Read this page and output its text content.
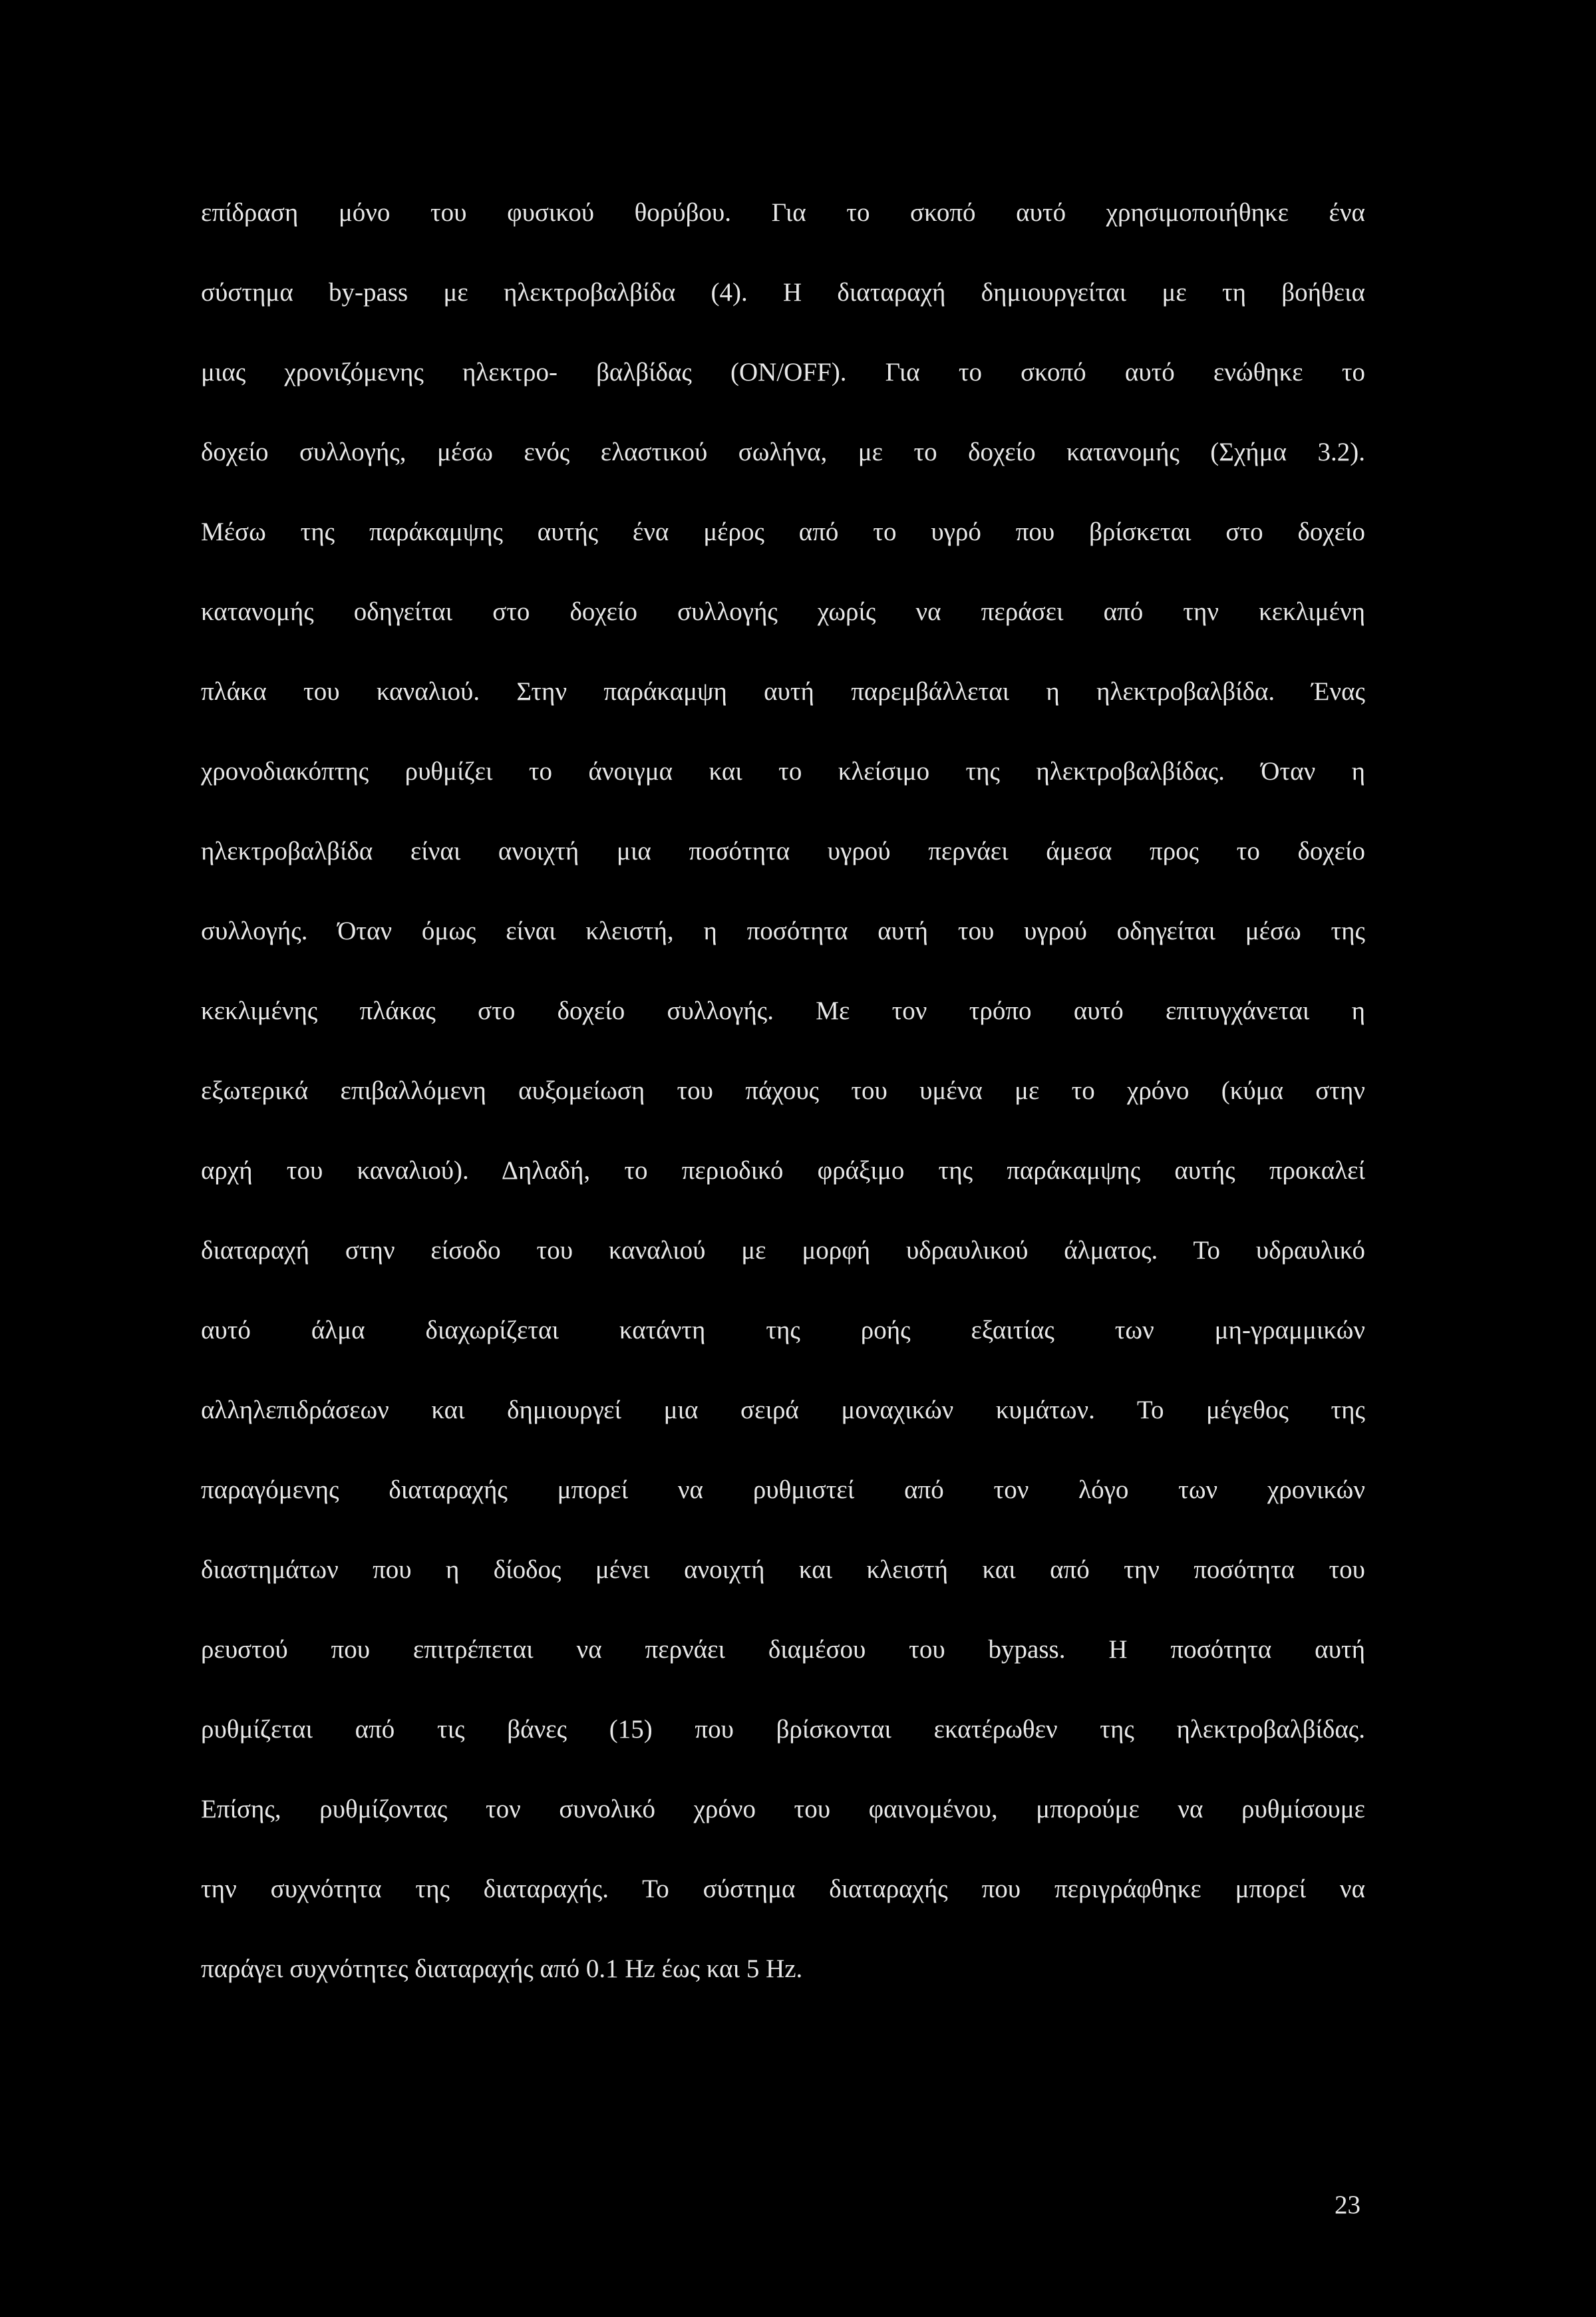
επίδραση μόνο του φυσικού θορύβου. Για το σκοπό αυτό χρησιμοποιήθηκε ένα
σύστημα by-pass με ηλεκτροβαλβίδα (4). Η διαταραχή δημιουργείται με τη βοήθεια
μιας χρονιζόμενης ηλεκτρο- βαλβίδας (ON/OFF). Για το σκοπό αυτό ενώθηκε το
δοχείο συλλογής, μέσω ενός ελαστικού σωλήνα, με το δοχείο κατανομής (Σχήμα 3.2).
Μέσω της παράκαμψης αυτής ένα μέρος από το υγρό που βρίσκεται στο δοχείο
κατανομής οδηγείται στο δοχείο συλλογής χωρίς να περάσει από την κεκλιμένη
πλάκα του καναλιού. Στην παράκαμψη αυτή παρεμβάλλεται η ηλεκτροβαλβίδα. Ένας
χρονοδιακόπτης ρυθμίζει το άνοιγμα και το κλείσιμο της ηλεκτροβαλβίδας. Όταν η
ηλεκτροβαλβίδα είναι ανοιχτή μια ποσότητα υγρού περνάει άμεσα προς το δοχείο
συλλογής. Όταν όμως είναι κλειστή, η ποσότητα αυτή του υγρού οδηγείται μέσω της
κεκλιμένης πλάκας στο δοχείο συλλογής. Με τον τρόπο αυτό επιτυγχάνεται η
εξωτερικά επιβαλλόμενη αυξομείωση του πάχους του υμένα με το χρόνο (κύμα στην
αρχή του καναλιού). Δηλαδή, το περιοδικό φράξιμο της παράκαμψης αυτής προκαλεί
διαταραχή στην είσοδο του καναλιού με μορφή υδραυλικού άλματος. Το υδραυλικό
αυτό άλμα διαχωρίζεται κατάντη της ροής εξαιτίας των μη-γραμμικών
αλληλεπιδράσεων και δημιουργεί μια σειρά μοναχικών κυμάτων. Το μέγεθος της
παραγόμενης διαταραχής μπορεί να ρυθμιστεί από τον λόγο των χρονικών
διαστημάτων που η δίοδος μένει ανοιχτή και κλειστή και από την ποσότητα του
ρευστού που επιτρέπεται να περνάει διαμέσου του bypass. Η ποσότητα αυτή
ρυθμίζεται από τις βάνες (15) που βρίσκονται εκατέρωθεν της ηλεκτροβαλβίδας.
Επίσης, ρυθμίζοντας τον συνολικό χρόνο του φαινομένου, μπορούμε να ρυθμίσουμε
την συχνότητα της διαταραχής. Το σύστημα διαταραχής που περιγράφθηκε μπορεί να
παράγει συχνότητες διαταραχής από 0.1 Hz έως και 5 Hz.
23
